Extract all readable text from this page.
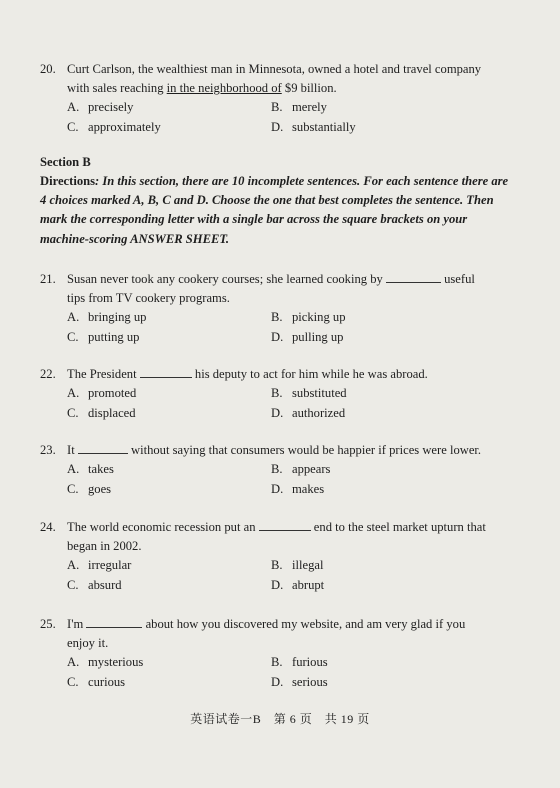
20. Curt Carlson, the wealthiest man in Minnesota, owned a hotel and travel company
with sales reaching in the neighborhood of $9 billion.
A. precisely	B. merely
C. approximately	D. substantially
Section B
Directions: In this section, there are 10 incomplete sentences. For each sentence there are 4 choices marked A, B, C and D. Choose the one that best completes the sentence. Then mark the corresponding letter with a single bar across the square brackets on your machine-scoring ANSWER SHEET.
21. Susan never took any cookery courses; she learned cooking by	useful
tips from TV cookery programs.
A. bringing up	B. picking up
C. putting up	D. pulling up
22. The President	his deputy to act for him while he was abroad.
A. promoted	B. substituted
C. displaced	D. authorized
23. It	without saying that consumers would be happier if prices were lower.
A. takes	B. appears
C. goes	D. makes
24. The world economic recession put an	end to the steel market upturn that
began in 2002.
A. irregular	B. illegal
C. absurd	D. abrupt
25. I'm	about how you discovered my website, and am very glad if you
enjoy it.
A. mysterious	B. furious
C. curious	D. serious
英语试卷一B　第 6 页　共 19 页
